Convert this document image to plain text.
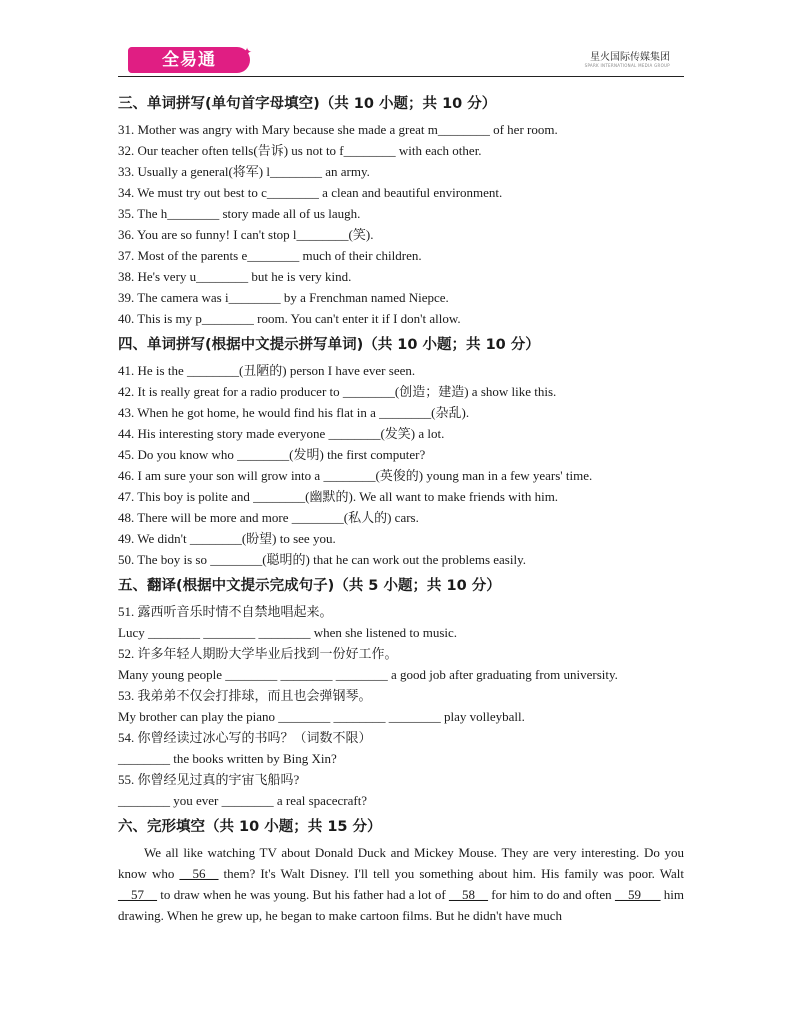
全易通	✦	星火国际传媒集团
SPARK INTERNATIONAL MEDIA GROUP
三、单词拼写(单句首字母填空)（共 10 小题；共 10 分）
31. Mother was angry with Mary because she made a great m________ of her room.
32. Our teacher often tells(告诉) us not to f________ with each other.
33. Usually a general(将军) l________ an army.
34. We must try out best to c________ a clean and beautiful environment.
35. The h________ story made all of us laugh.
36. You are so funny! I can't stop l________(笑).
37. Most of the parents e________ much of their children.
38. He's very u________ but he is very kind.
39. The camera was i________ by a Frenchman named Niepce.
40. This is my p________ room. You can't enter it if I don't allow.
四、单词拼写(根据中文提示拼写单词)（共 10 小题；共 10 分）
41. He is the ________(丑陋的) person I have ever seen.
42. It is really great for a radio producer to ________(创造；建造) a show like this.
43. When he got home, he would find his flat in a ________(杂乱).
44. His interesting story made everyone ________(发笑) a lot.
45. Do you know who ________(发明) the first computer?
46. I am sure your son will grow into a ________(英俊的) young man in a few years' time.
47. This boy is polite and ________(幽默的). We all want to make friends with him.
48. There will be more and more ________(私人的) cars.
49. We didn't ________(盼望) to see you.
50. The boy is so ________(聪明的) that he can work out the problems easily.
五、翻译(根据中文提示完成句子)（共 5 小题；共 10 分）
51. 露西听音乐时情不自禁地唱起来。
Lucy ________ ________ ________ when she listened to music.
52. 许多年轻人期盼大学毕业后找到一份好工作。
Many young people ________ ________ ________ a good job after graduating from university.
53. 我弟弟不仅会打排球，而且也会弹钢琴。
My brother can play the piano ________ ________ ________ play volleyball.
54. 你曾经读过冰心写的书吗？（词数不限）
________ the books written by Bing Xin?
55. 你曾经见过真的宇宙飞船吗?
________ you ever ________ a real spacecraft?
六、完形填空（共 10 小题；共 15 分）
We all like watching TV about Donald Duck and Mickey Mouse. They are very interesting. Do you know who __56__ them? It's Walt Disney. I'll tell you something about him. His family was poor. Walt __57__ to draw when he was young. But his father had a lot of __58__ for him to do and often __59___ him drawing. When he grew up, he began to make cartoon films. But he didn't have much
